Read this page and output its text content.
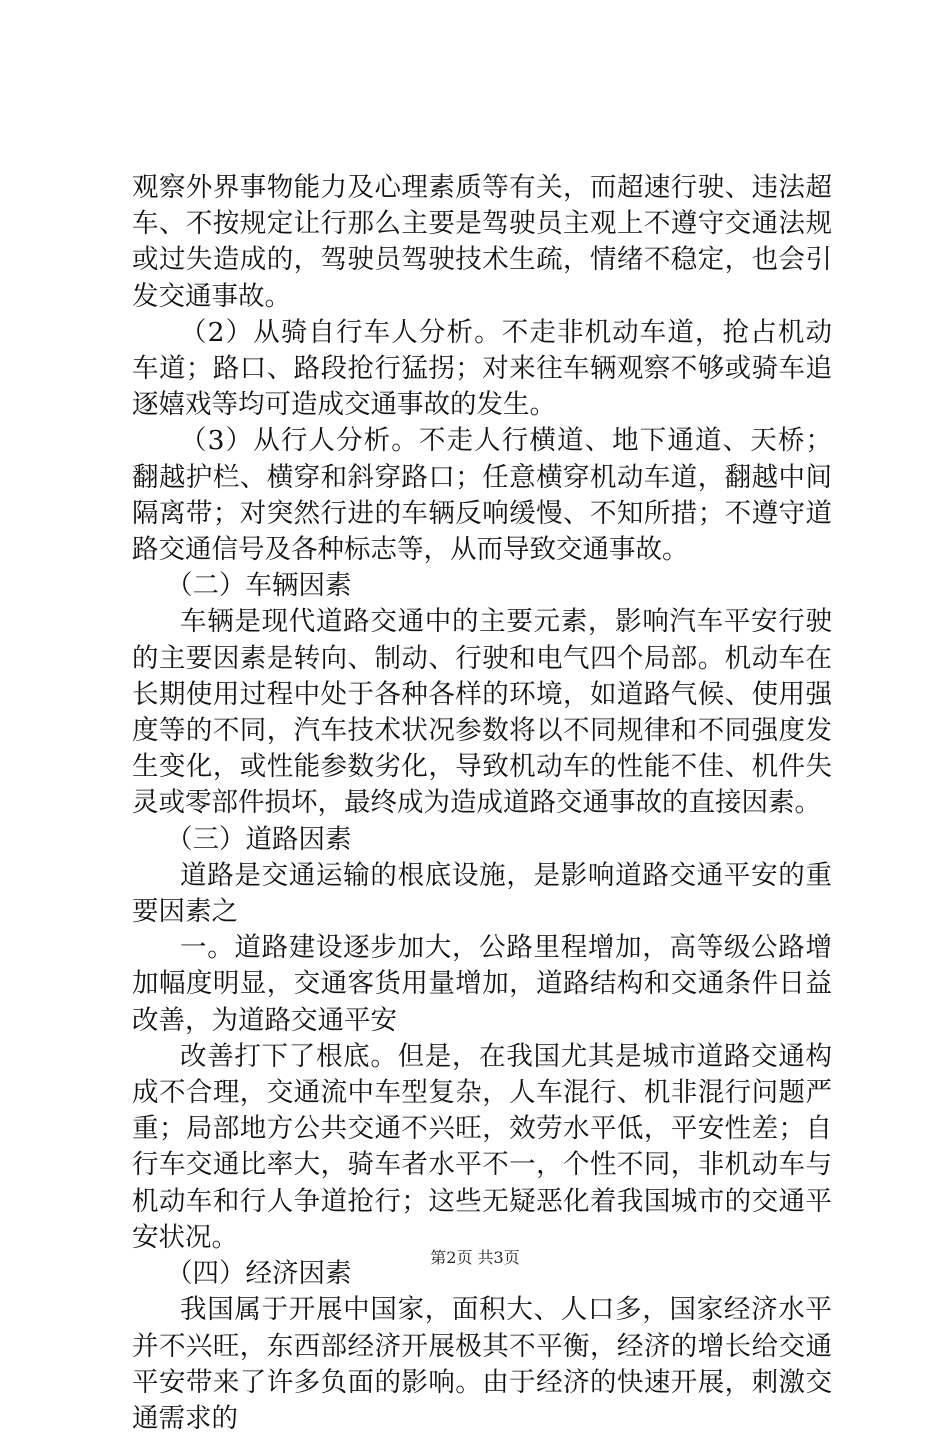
观察外界事物能力及心理素质等有关，而超速行驶、违法超车、不按规定让行那么主要是驾驶员主观上不遵守交通法规或过失造成的，驾驶员驾驶技术生疏，情绪不稳定，也会引发交通事故。

（2）从骑自行车人分析。不走非机动车道，抢占机动车道；路口、路段抢行猛拐；对来往车辆观察不够或骑车追逐嬉戏等均可造成交通事故的发生。

（3）从行人分析。不走人行横道、地下通道、天桥；翻越护栏、横穿和斜穿路口；任意横穿机动车道，翻越中间隔离带；对突然行进的车辆反响缓慢、不知所措；不遵守道路交通信号及各种标志等，从而导致交通事故。

（二）车辆因素

车辆是现代道路交通中的主要元素，影响汽车平安行驶的主要因素是转向、制动、行驶和电气四个局部。机动车在长期使用过程中处于各种各样的环境，如道路气候、使用强度等的不同，汽车技术状况参数将以不同规律和不同强度发生变化，或性能参数劣化，导致机动车的性能不佳、机件失灵或零部件损坏，最终成为造成道路交通事故的直接因素。

（三）道路因素

道路是交通运输的根底设施，是影响道路交通平安的重要因素之

一。道路建设逐步加大，公路里程增加，高等级公路增加幅度明显，交通客货用量增加，道路结构和交通条件日益改善，为道路交通平安

改善打下了根底。但是，在我国尤其是城市道路交通构成不合理，交通流中车型复杂，人车混行、机非混行问题严重；局部地方公共交通不兴旺，效劳水平低，平安性差；自行车交通比率大，骑车者水平不一，个性不同，非机动车与机动车和行人争道抢行；这些无疑恶化着我国城市的交通平安状况。

（四）经济因素

我国属于开展中国家，面积大、人口多，国家经济水平并不兴旺，东西部经济开展极其不平衡，经济的增长给交通平安带来了许多负面的影响。由于经济的快速开展，刺激交通需求的

第2页 共3页
